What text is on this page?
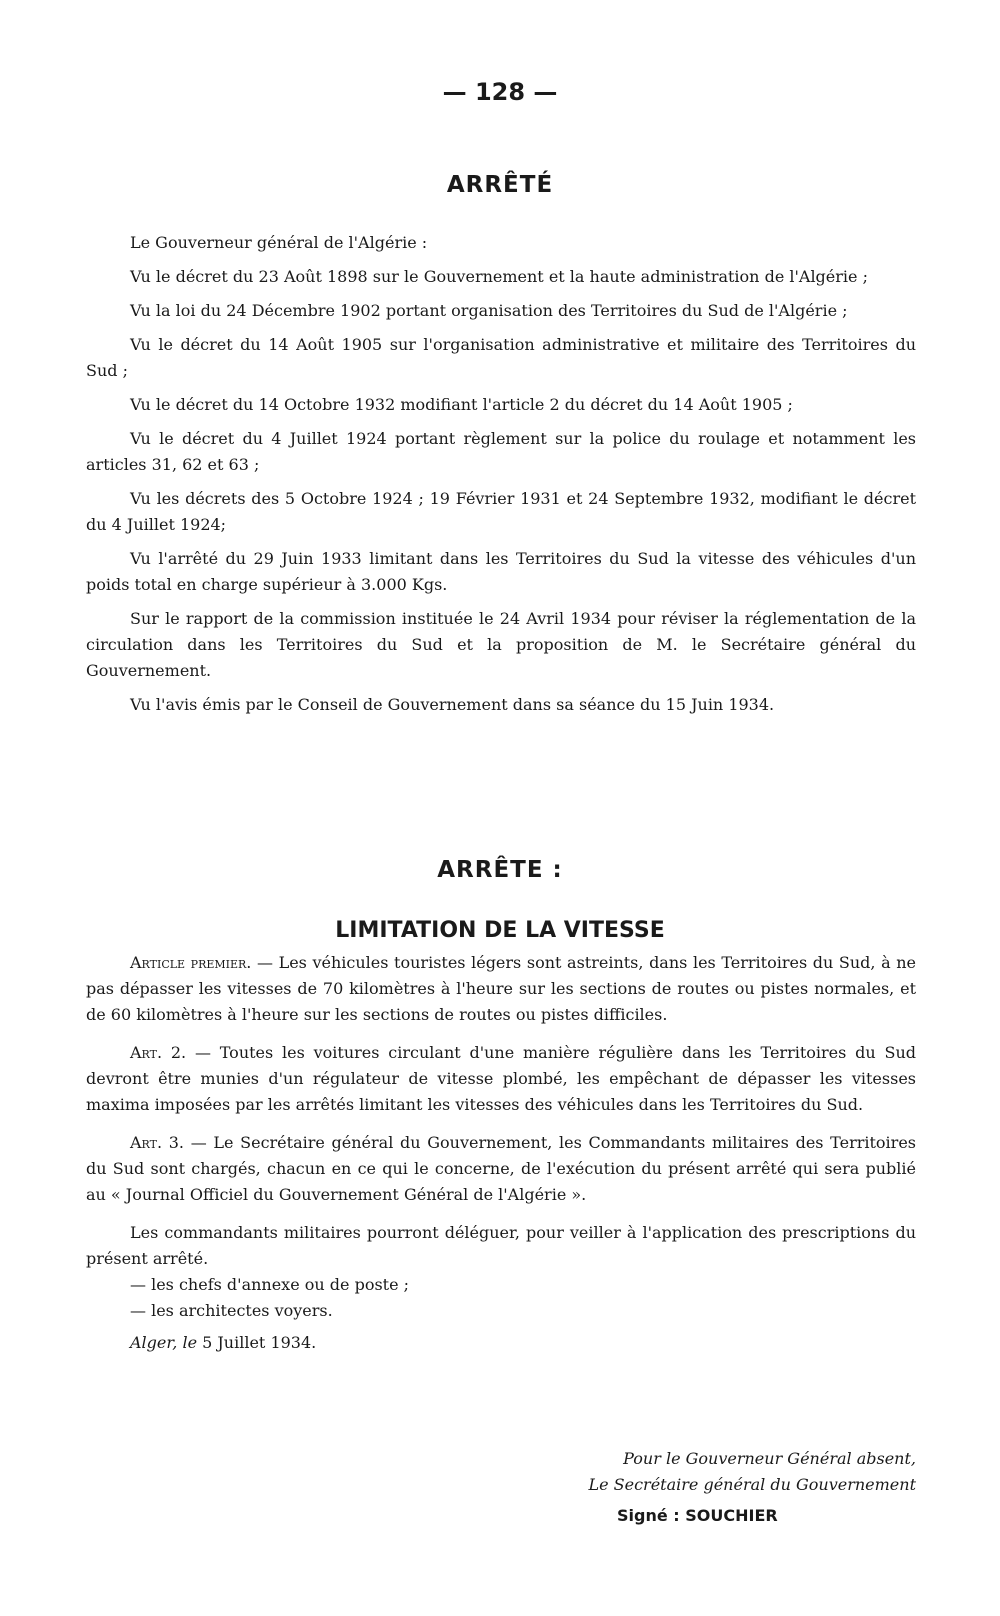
— 128 —
ARRÊTÉ

Le Gouverneur général de l'Algérie :

Vu le décret du 23 Août 1898 sur le Gouvernement et la haute administration de l'Algérie ;

Vu la loi du 24 Décembre 1902 portant organisation des Territoires du Sud de l'Algérie ;

Vu le décret du 14 Août 1905 sur l'organisation administrative et militaire des Territoires du Sud ;

Vu le décret du 14 Octobre 1932 modifiant l'article 2 du décret du 14 Août 1905 ;

Vu le décret du 4 Juillet 1924 portant règlement sur la police du roulage et notamment les articles 31, 62 et 63 ;

Vu les décrets des 5 Octobre 1924 ; 19 Février 1931 et 24 Septembre 1932, modifiant le décret du 4 Juillet 1924;

Vu l'arrêté du 29 Juin 1933 limitant dans les Territoires du Sud la vitesse des véhicules d'un poids total en charge supérieur à 3.000 Kgs.

Sur le rapport de la commission instituée le 24 Avril 1934 pour réviser la réglementation de la circulation dans les Territoires du Sud et la proposition de M. le Secrétaire général du Gouvernement.

Vu l'avis émis par le Conseil de Gouvernement dans sa séance du 15 Juin 1934.

ARRÊTE :
LIMITATION DE LA VITESSE

Article premier. — Les véhicules touristes légers sont astreints, dans les Territoires du Sud, à ne pas dépasser les vitesses de 70 kilomètres à l'heure sur les sections de routes ou pistes normales, et de 60 kilomètres à l'heure sur les sections de routes ou pistes difficiles.

Art. 2. — Toutes les voitures circulant d'une manière régulière dans les Territoires du Sud devront être munies d'un régulateur de vitesse plombé, les empêchant de dépasser les vitesses maxima imposées par les arrêtés limitant les vitesses des véhicules dans les Territoires du Sud.

Art. 3. — Le Secrétaire général du Gouvernement, les Commandants militaires des Territoires du Sud sont chargés, chacun en ce qui le concerne, de l'exécution du présent arrêté qui sera publié au « Journal Officiel du Gouvernement Général de l'Algérie ».

Les commandants militaires pourront déléguer, pour veiller à l'application des prescriptions du présent arrêté.

— les chefs d'annexe ou de poste ;
— les architectes voyers.
Alger, le 5 Juillet 1934.
Pour le Gouverneur Général absent,
Le Secrétaire général du Gouvernement
Signé : SOUCHIER
